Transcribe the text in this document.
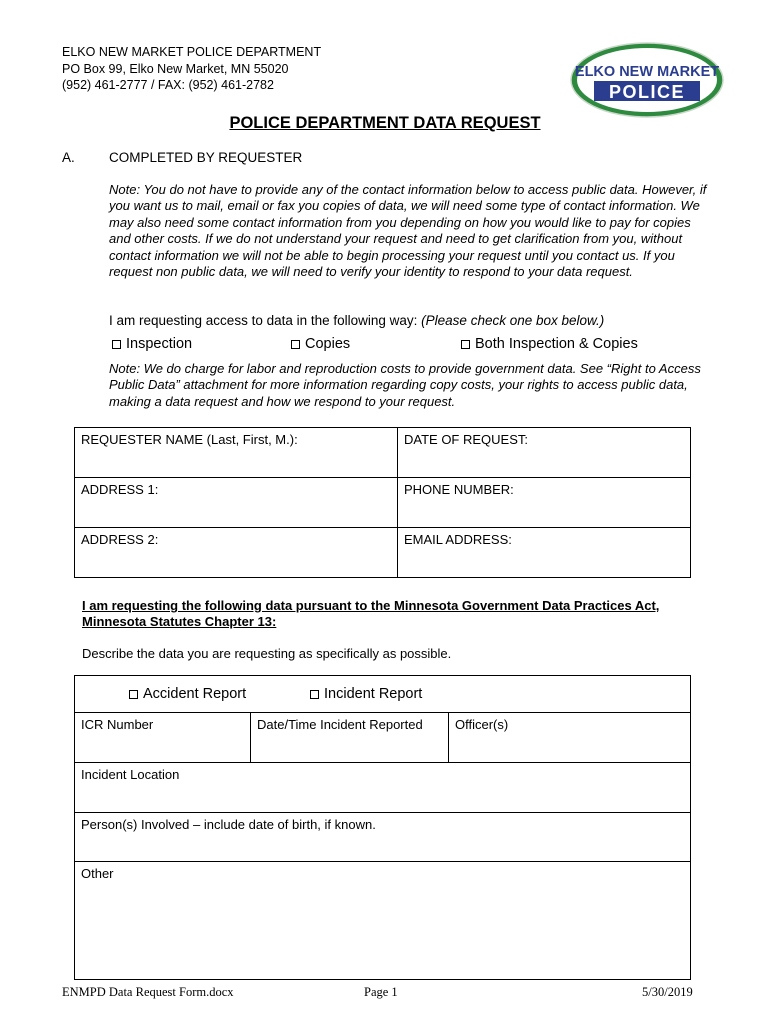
ELKO NEW MARKET POLICE DEPARTMENT
PO Box 99, Elko New Market, MN 55020
(952) 461-2777 / FAX: (952) 461-2782
ELKO NEW MARKET
POLICE
POLICE DEPARTMENT DATA REQUEST
A.	COMPLETED BY REQUESTER
Note: You do not have to provide any of the contact information below to access public data. However, if you want us to mail, email or fax you copies of data, we will need some type of contact information. We may also need some contact information from you depending on how you would like to pay for copies and other costs. If we do not understand your request and need to get clarification from you, without contact information we will not be able to begin processing your request until you contact us. If you request non public data, we will need to verify your identity to respond to your data request.
I am requesting access to data in the following way: (Please check one box below.)
Inspection	Copies	Both Inspection & Copies
Note: We do charge for labor and reproduction costs to provide government data. See “Right to Access Public Data” attachment for more information regarding copy costs, your rights to access public data, making a data request and how we respond to your request.
REQUESTER NAME (Last, First, M.):	DATE OF REQUEST:
ADDRESS 1:	PHONE NUMBER:
ADDRESS 2:	EMAIL ADDRESS:
I am requesting the following data pursuant to the Minnesota Government Data Practices Act, Minnesota Statutes Chapter 13:
Describe the data you are requesting as specifically as possible.
Accident Report	Incident Report
ICR Number	Date/Time Incident Reported	Officer(s)
Incident Location
Person(s) Involved – include date of birth, if known.
Other
ENMPD Data Request Form.docx	Page 1	5/30/2019
